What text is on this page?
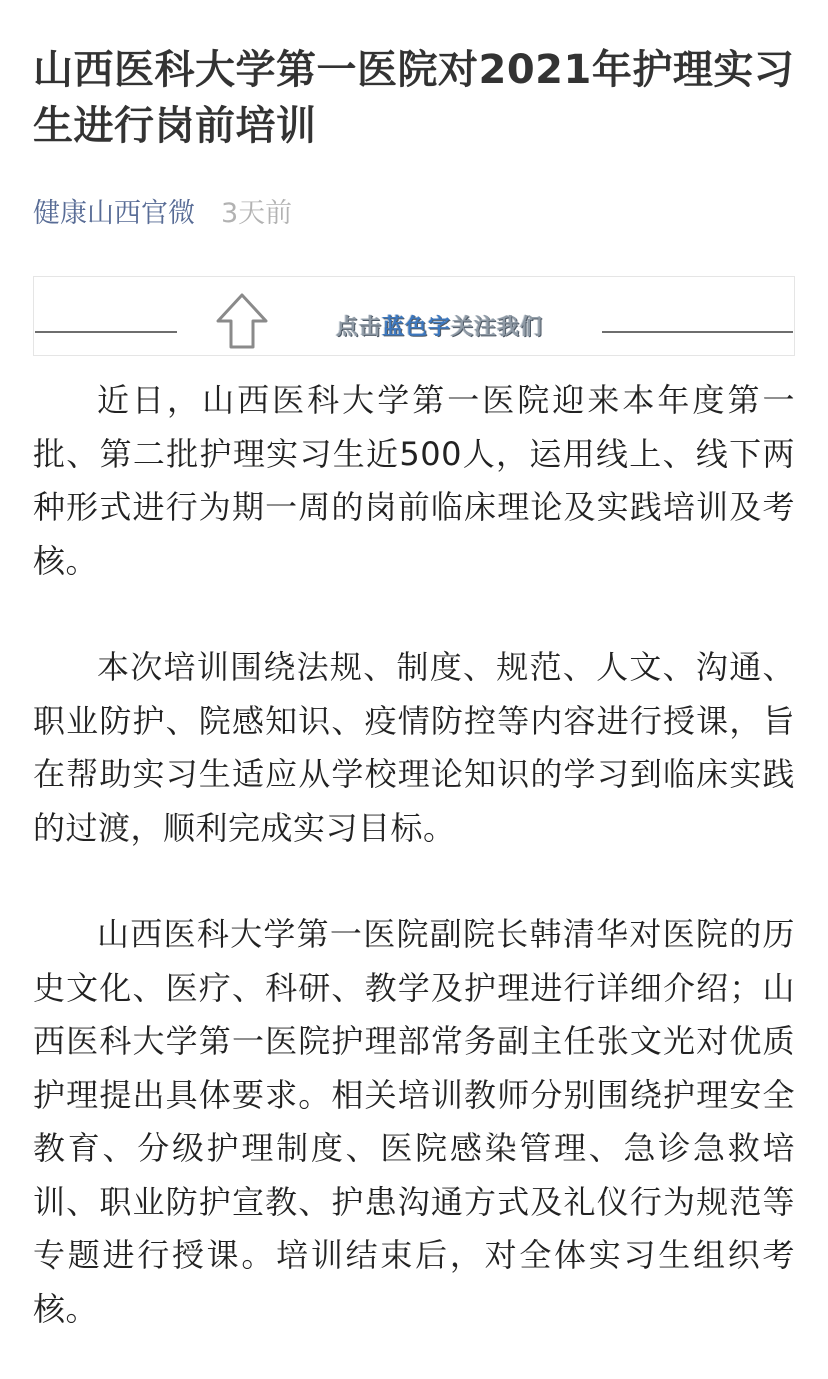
山西医科大学第一医院对2021年护理实习生进行岗前培训
健康山西官微 3天前
点击蓝色字关注我们

近日，山西医科大学第一医院迎来本年度第一批、第二批护理实习生近500人，运用线上、线下两种形式进行为期一周的岗前临床理论及实践培训及考核。

本次培训围绕法规、制度、规范、人文、沟通、职业防护、院感知识、疫情防控等内容进行授课，旨在帮助实习生适应从学校理论知识的学习到临床实践的过渡，顺利完成实习目标。

山西医科大学第一医院副院长韩清华对医院的历史文化、医疗、科研、教学及护理进行详细介绍；山西医科大学第一医院护理部常务副主任张文光对优质护理提出具体要求。相关培训教师分别围绕护理安全教育、分级护理制度、医院感染管理、急诊急救培训、职业防护宣教、护患沟通方式及礼仪行为规范等专题进行授课。培训结束后，对全体实习生组织考核。
